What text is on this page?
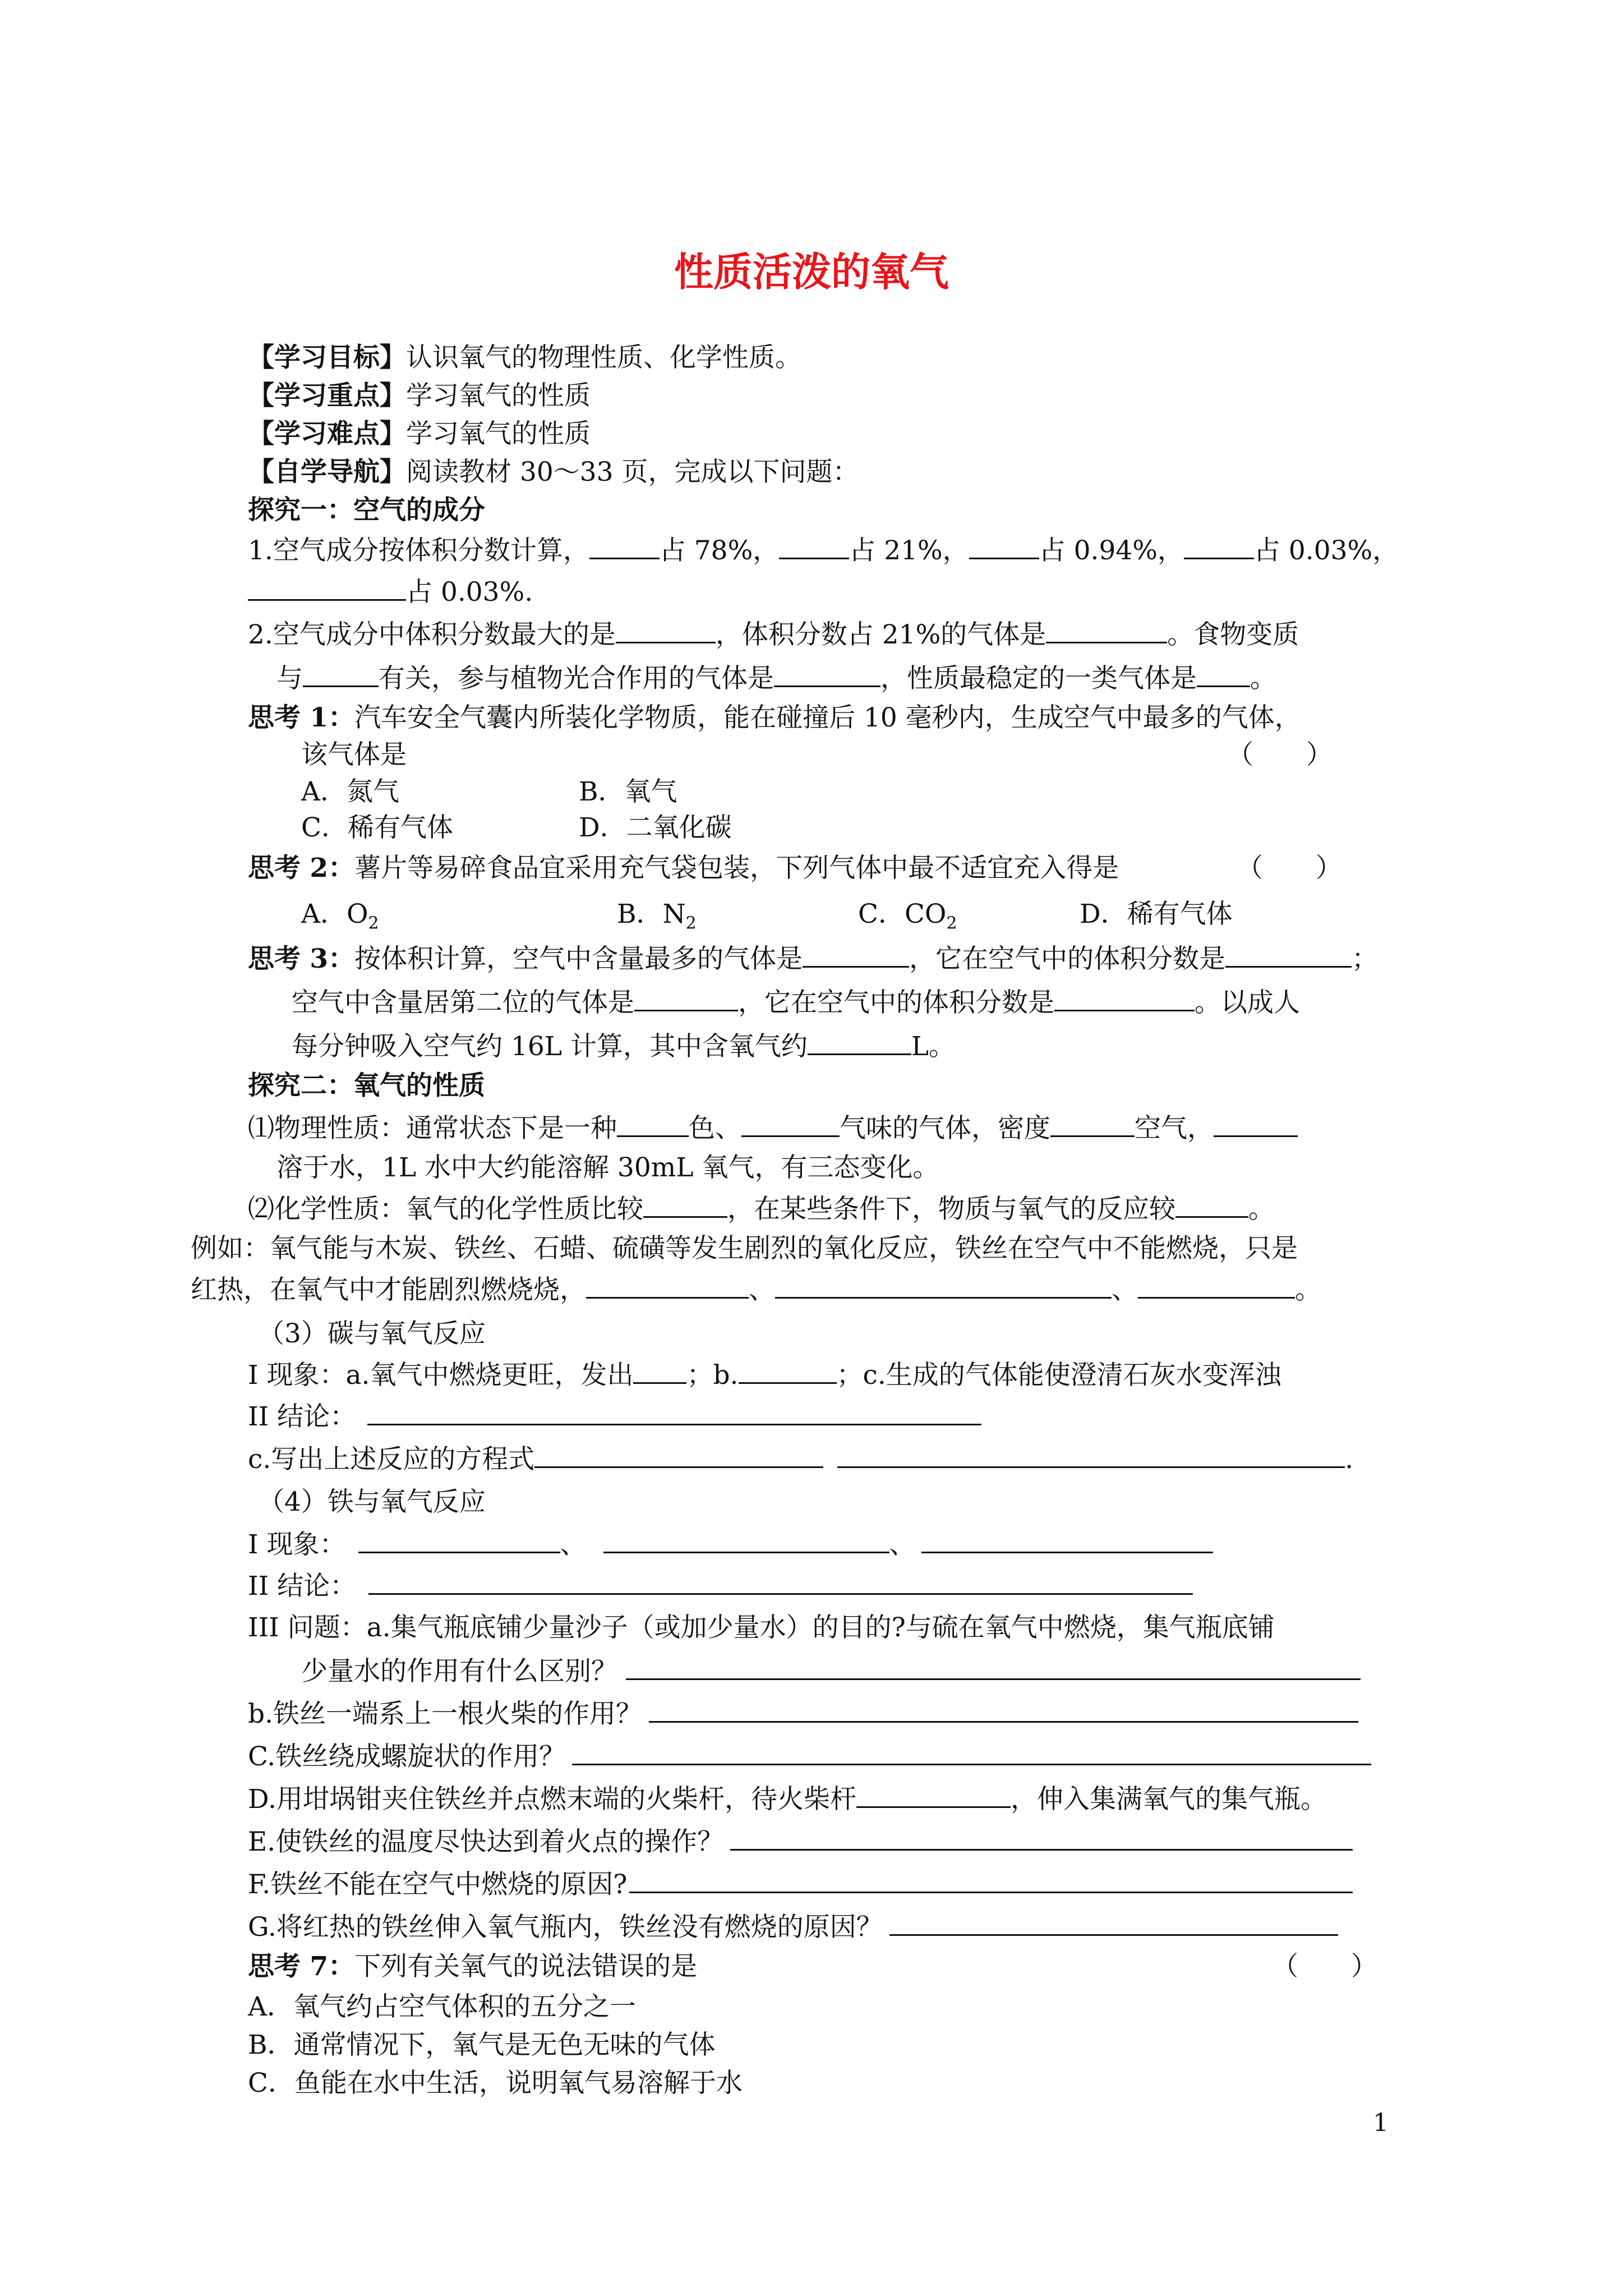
性质活泼的氧气
【学习目标】认识氧气的物理性质、化学性质。
【学习重点】学习氧气的性质
【学习难点】学习氧气的性质
【自学导航】阅读教材 30～33 页，完成以下问题：
探究一：空气的成分
1.空气成分按体积分数计算，	占 78%，	占 21%，	占 0.94%，	占 0.03%，
占 0.03%.
2.空气成分中体积分数最大的是	，体积分数占 21%的气体是	。食物变质
与	有关，参与植物光合作用的气体是	，性质最稳定的一类气体是 。
思考 1：汽车安全气囊内所装化学物质，能在碰撞后 10 毫秒内，生成空气中最多的气体，
该气体是	（　　）
A．氮气	B．氧气
C．稀有气体	D．二氧化碳
思考 2：薯片等易碎食品宜采用充气袋包装，下列气体中最不适宜充入得是	（　　）
A．$O_2$	B．$N_2$	C．$CO_2$	D．稀有气体
思考 3：按体积计算，空气中含量最多的气体是	，它在空气中的体积分数是	；
空气中含量居第二位的气体是	，它在空气中的体积分数是	。以成人
每分钟吸入空气约 16L 计算，其中含氧气约	L。
探究二：氧气的性质
⑴物理性质：通常状态下是一种	色、	气味的气体，密度	空气，
溶于水，1L 水中大约能溶解 30mL 氧气，有三态变化。
⑵化学性质：氧气的化学性质比较	，在某些条件下，物质与氧气的反应较	。
例如：氧气能与木炭、铁丝、石蜡、硫磺等发生剧烈的氧化反应，铁丝在空气中不能燃烧，只是
红热，在氧气中才能剧烈燃烧烧，	、	、	。
（3）碳与氧气反应
I 现象：a.氧气中燃烧更旺，发出 ；b.	；c.生成的气体能使澄清石灰水变浑浊
II 结论：
c.写出上述反应的方程式	.
（4）铁与氧气反应
I 现象：	、	、
II 结论：
III 问题：a.集气瓶底铺少量沙子（或加少量水）的目的?与硫在氧气中燃烧，集气瓶底铺
少量水的作用有什么区别？
b.铁丝一端系上一根火柴的作用？
C.铁丝绕成螺旋状的作用？
D.用坩埚钳夹住铁丝并点燃末端的火柴杆，待火柴杆	，伸入集满氧气的集气瓶。
E.使铁丝的温度尽快达到着火点的操作？
F.铁丝不能在空气中燃烧的原因?
G.将红热的铁丝伸入氧气瓶内，铁丝没有燃烧的原因？
思考 7：下列有关氧气的说法错误的是	（　　）
A．氧气约占空气体积的五分之一
B．通常情况下，氧气是无色无味的气体
C．鱼能在水中生活，说明氧气易溶解于水
1
